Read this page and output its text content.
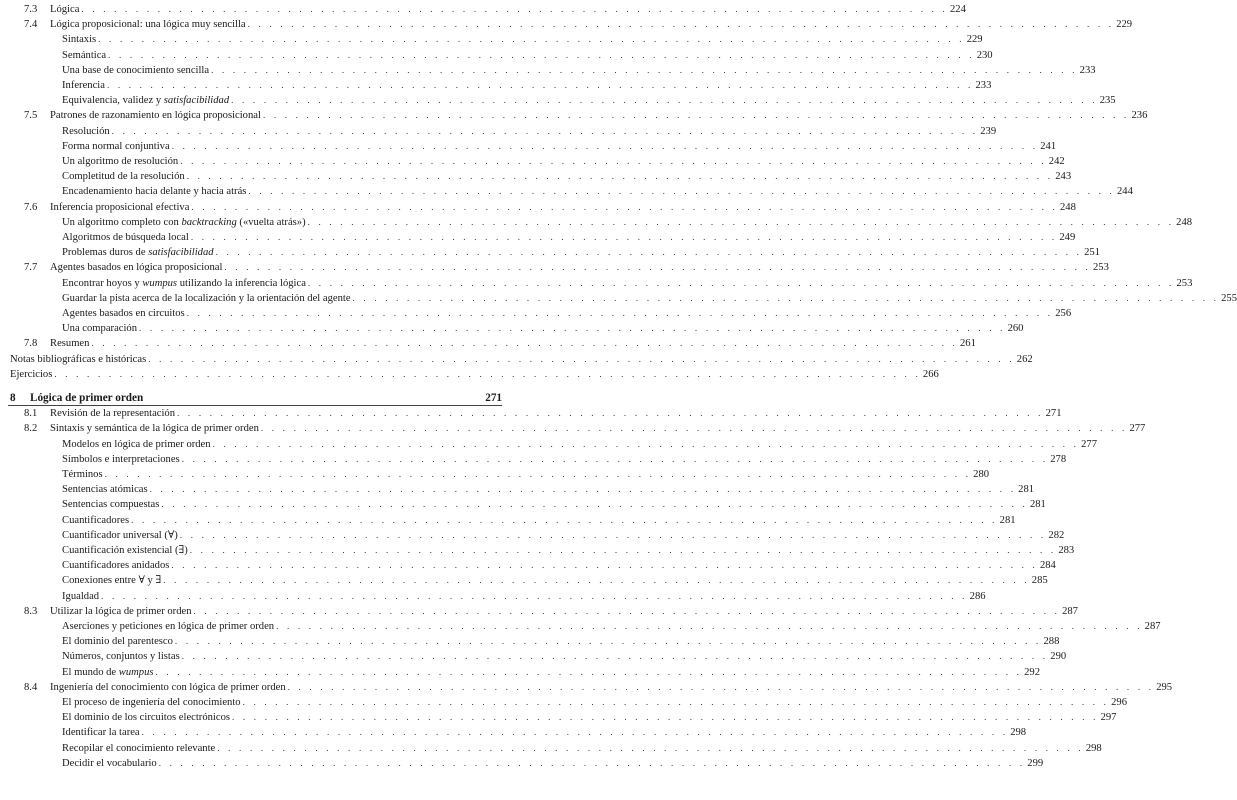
7.3	Lógica . . . . . . . . . . . . . . . . . . . . . . . . . . . . . . . . . . . . . . . . . . . . . . . . . . . . . . . . . . . . . . . . . . . . . . . . . . . . . . . . 224
7.4	Lógica proposicional: una lógica muy sencilla . . . . . . . . . . . . . . . . . . . . . . . . . . . . . . . . . . . . . . . . . . . . . . . . . . . . . . . . . . . . . . . . . . . . . . . . . . . . . . . . 229
Sintaxis . . . . . . . . . . . . . . . . . . . . . . . . . . . . . . . . . . . . . . . . . . . . . . . . . . . . . . . . . . . . . . . . . . . . . . . . . . . . . . . . 229
Semántica . . . . . . . . . . . . . . . . . . . . . . . . . . . . . . . . . . . . . . . . . . . . . . . . . . . . . . . . . . . . . . . . . . . . . . . . . . . . . . . . 230
Una base de conocimiento sencilla . . . . . . . . . . . . . . . . . . . . . . . . . . . . . . . . . . . . . . . . . . . . . . . . . . . . . . . . . . . . . . . . . . . . . . . . . . . . . . . . 233
Inferencia . . . . . . . . . . . . . . . . . . . . . . . . . . . . . . . . . . . . . . . . . . . . . . . . . . . . . . . . . . . . . . . . . . . . . . . . . . . . . . . . 233
Equivalencia, validez y satisfacibilidad . . . . . . . . . . . . . . . . . . . . . . . . . . . . . . . . . . . . . . . . . . . . . . . . . . . . . . . . . . . . . . . . . . . . . . . . . . . . . . . . 235
7.5	Patrones de razonamiento en lógica proposicional . . . . . . . . . . . . . . . . . . . . . . . . . . . . . . . . . . . . . . . . . . . . . . . . . . . . . . . . . . . . . . . . . . . . . . . . . . . . . . . . 236
Resolución . . . . . . . . . . . . . . . . . . . . . . . . . . . . . . . . . . . . . . . . . . . . . . . . . . . . . . . . . . . . . . . . . . . . . . . . . . . . . . . . 239
Forma normal conjuntiva . . . . . . . . . . . . . . . . . . . . . . . . . . . . . . . . . . . . . . . . . . . . . . . . . . . . . . . . . . . . . . . . . . . . . . . . . . . . . . . . 241
Un algoritmo de resolución . . . . . . . . . . . . . . . . . . . . . . . . . . . . . . . . . . . . . . . . . . . . . . . . . . . . . . . . . . . . . . . . . . . . . . . . . . . . . . . . 242
Completitud de la resolución . . . . . . . . . . . . . . . . . . . . . . . . . . . . . . . . . . . . . . . . . . . . . . . . . . . . . . . . . . . . . . . . . . . . . . . . . . . . . . . . 243
Encadenamiento hacia delante y hacia atrás . . . . . . . . . . . . . . . . . . . . . . . . . . . . . . . . . . . . . . . . . . . . . . . . . . . . . . . . . . . . . . . . . . . . . . . . . . . . . . . . 244
7.6	Inferencia proposicional efectiva . . . . . . . . . . . . . . . . . . . . . . . . . . . . . . . . . . . . . . . . . . . . . . . . . . . . . . . . . . . . . . . . . . . . . . . . . . . . . . . . 248
Un algoritmo completo con backtracking («vuelta atrás») . . . . . . . . . . . . . . . . . . . . . . . . . . . . . . . . . . . . . . . . . . . . . . . . . . . . . . . . . . . . . . . . . . . . . . . . . . . . . . . . 248
Algoritmos de búsqueda local . . . . . . . . . . . . . . . . . . . . . . . . . . . . . . . . . . . . . . . . . . . . . . . . . . . . . . . . . . . . . . . . . . . . . . . . . . . . . . . . 249
Problemas duros de satisfacibilidad . . . . . . . . . . . . . . . . . . . . . . . . . . . . . . . . . . . . . . . . . . . . . . . . . . . . . . . . . . . . . . . . . . . . . . . . . . . . . . . . 251
7.7	Agentes basados en lógica proposicional . . . . . . . . . . . . . . . . . . . . . . . . . . . . . . . . . . . . . . . . . . . . . . . . . . . . . . . . . . . . . . . . . . . . . . . . . . . . . . . . 253
Encontrar hoyos y wumpus utilizando la inferencia lógica . . . . . . . . . . . . . . . . . . . . . . . . . . . . . . . . . . . . . . . . . . . . . . . . . . . . . . . . . . . . . . . . . . . . . . . . . . . . . . . . 253
Guardar la pista acerca de la localización y la orientación del agente . . . . . . . . . . . . . . . . . . . . . . . . . . . . . . . . . . . . . . . . . . . . . . . . . . . . . . . . . . . . . . . . . . . . . . . . . . . . . . . . 255
Agentes basados en circuitos . . . . . . . . . . . . . . . . . . . . . . . . . . . . . . . . . . . . . . . . . . . . . . . . . . . . . . . . . . . . . . . . . . . . . . . . . . . . . . . . 256
Una comparación . . . . . . . . . . . . . . . . . . . . . . . . . . . . . . . . . . . . . . . . . . . . . . . . . . . . . . . . . . . . . . . . . . . . . . . . . . . . . . . . 260
7.8	Resumen . . . . . . . . . . . . . . . . . . . . . . . . . . . . . . . . . . . . . . . . . . . . . . . . . . . . . . . . . . . . . . . . . . . . . . . . . . . . . . . . 261
Notas bibliográficas e históricas . . . . . . . . . . . . . . . . . . . . . . . . . . . . . . . . . . . . . . . . . . . . . . . . . . . . . . . . . . . . . . . . . . . . . . . . . . . . . . . . 262
Ejercicios . . . . . . . . . . . . . . . . . . . . . . . . . . . . . . . . . . . . . . . . . . . . . . . . . . . . . . . . . . . . . . . . . . . . . . . . . . . . . . . . 266
8	Lógica de primer orden	271
8.1	Revisión de la representación . . . . . . . . . . . . . . . . . . . . . . . . . . . . . . . . . . . . . . . . . . . . . . . . . . . . . . . . . . . . . . . . . . . . . . . . . . . . . . . . 271
8.2	Sintaxis y semántica de la lógica de primer orden . . . . . . . . . . . . . . . . . . . . . . . . . . . . . . . . . . . . . . . . . . . . . . . . . . . . . . . . . . . . . . . . . . . . . . . . . . . . . . . . 277
Modelos en lógica de primer orden . . . . . . . . . . . . . . . . . . . . . . . . . . . . . . . . . . . . . . . . . . . . . . . . . . . . . . . . . . . . . . . . . . . . . . . . . . . . . . . . 277
Símbolos e interpretaciones . . . . . . . . . . . . . . . . . . . . . . . . . . . . . . . . . . . . . . . . . . . . . . . . . . . . . . . . . . . . . . . . . . . . . . . . . . . . . . . . 278
Términos . . . . . . . . . . . . . . . . . . . . . . . . . . . . . . . . . . . . . . . . . . . . . . . . . . . . . . . . . . . . . . . . . . . . . . . . . . . . . . . . 280
Sentencias atómicas . . . . . . . . . . . . . . . . . . . . . . . . . . . . . . . . . . . . . . . . . . . . . . . . . . . . . . . . . . . . . . . . . . . . . . . . . . . . . . . . 281
Sentencias compuestas . . . . . . . . . . . . . . . . . . . . . . . . . . . . . . . . . . . . . . . . . . . . . . . . . . . . . . . . . . . . . . . . . . . . . . . . . . . . . . . . 281
Cuantificadores . . . . . . . . . . . . . . . . . . . . . . . . . . . . . . . . . . . . . . . . . . . . . . . . . . . . . . . . . . . . . . . . . . . . . . . . . . . . . . . . 281
Cuantificador universal (∀) . . . . . . . . . . . . . . . . . . . . . . . . . . . . . . . . . . . . . . . . . . . . . . . . . . . . . . . . . . . . . . . . . . . . . . . . . . . . . . . . 282
Cuantificación existencial (∃) . . . . . . . . . . . . . . . . . . . . . . . . . . . . . . . . . . . . . . . . . . . . . . . . . . . . . . . . . . . . . . . . . . . . . . . . . . . . . . . . 283
Cuantificadores anidados . . . . . . . . . . . . . . . . . . . . . . . . . . . . . . . . . . . . . . . . . . . . . . . . . . . . . . . . . . . . . . . . . . . . . . . . . . . . . . . . 284
Conexiones entre ∀ y ∃ . . . . . . . . . . . . . . . . . . . . . . . . . . . . . . . . . . . . . . . . . . . . . . . . . . . . . . . . . . . . . . . . . . . . . . . . . . . . . . . . 285
Igualdad . . . . . . . . . . . . . . . . . . . . . . . . . . . . . . . . . . . . . . . . . . . . . . . . . . . . . . . . . . . . . . . . . . . . . . . . . . . . . . . . 286
8.3	Utilizar la lógica de primer orden . . . . . . . . . . . . . . . . . . . . . . . . . . . . . . . . . . . . . . . . . . . . . . . . . . . . . . . . . . . . . . . . . . . . . . . . . . . . . . . . 287
Aserciones y peticiones en lógica de primer orden . . . . . . . . . . . . . . . . . . . . . . . . . . . . . . . . . . . . . . . . . . . . . . . . . . . . . . . . . . . . . . . . . . . . . . . . . . . . . . . . 287
El dominio del parentesco . . . . . . . . . . . . . . . . . . . . . . . . . . . . . . . . . . . . . . . . . . . . . . . . . . . . . . . . . . . . . . . . . . . . . . . . . . . . . . . . 288
Números, conjuntos y listas . . . . . . . . . . . . . . . . . . . . . . . . . . . . . . . . . . . . . . . . . . . . . . . . . . . . . . . . . . . . . . . . . . . . . . . . . . . . . . . . 290
El mundo de wumpus . . . . . . . . . . . . . . . . . . . . . . . . . . . . . . . . . . . . . . . . . . . . . . . . . . . . . . . . . . . . . . . . . . . . . . . . . . . . . . . . 292
8.4	Ingeniería del conocimiento con lógica de primer orden . . . . . . . . . . . . . . . . . . . . . . . . . . . . . . . . . . . . . . . . . . . . . . . . . . . . . . . . . . . . . . . . . . . . . . . . . . . . . . . . 295
El proceso de ingeniería del conocimiento . . . . . . . . . . . . . . . . . . . . . . . . . . . . . . . . . . . . . . . . . . . . . . . . . . . . . . . . . . . . . . . . . . . . . . . . . . . . . . . . 296
El dominio de los circuitos electrónicos . . . . . . . . . . . . . . . . . . . . . . . . . . . . . . . . . . . . . . . . . . . . . . . . . . . . . . . . . . . . . . . . . . . . . . . . . . . . . . . . 297
Identificar la tarea . . . . . . . . . . . . . . . . . . . . . . . . . . . . . . . . . . . . . . . . . . . . . . . . . . . . . . . . . . . . . . . . . . . . . . . . . . . . . . . . 298
Recopilar el conocimiento relevante . . . . . . . . . . . . . . . . . . . . . . . . . . . . . . . . . . . . . . . . . . . . . . . . . . . . . . . . . . . . . . . . . . . . . . . . . . . . . . . . 298
Decidir el vocabulario . . . . . . . . . . . . . . . . . . . . . . . . . . . . . . . . . . . . . . . . . . . . . . . . . . . . . . . . . . . . . . . . . . . . . . . . . . . . . . . . 299
